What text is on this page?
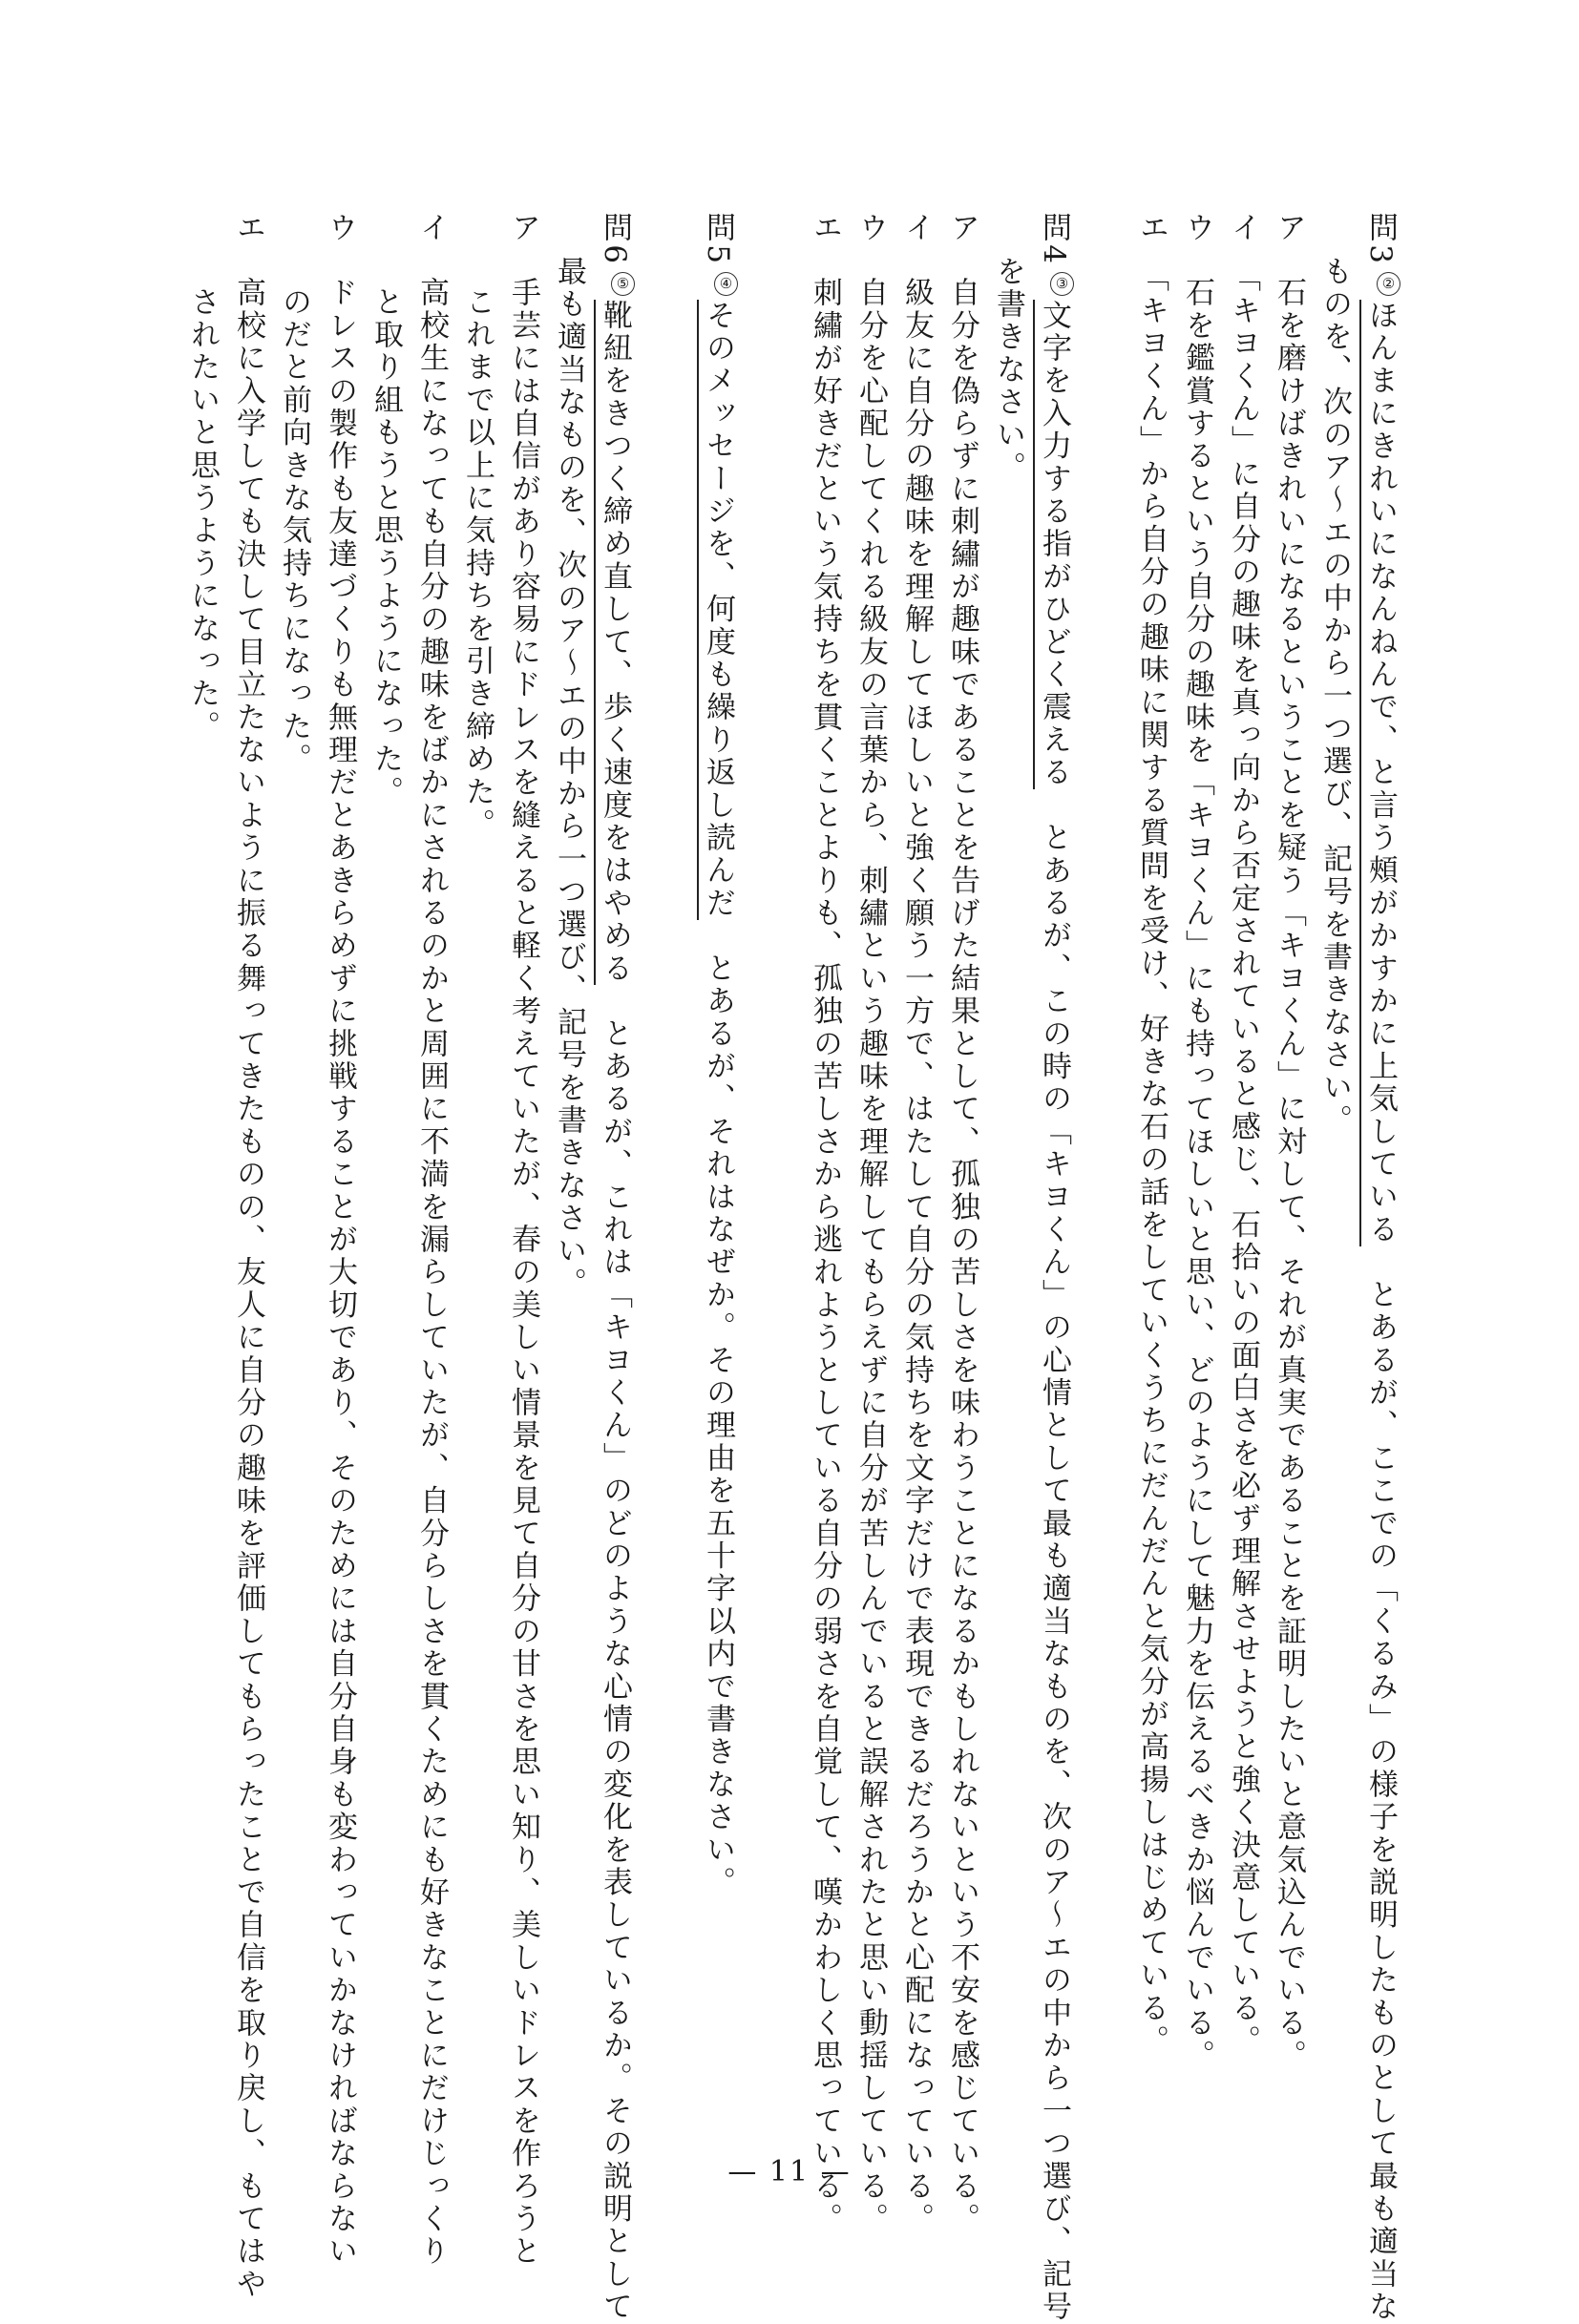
問3②ほんまにきれいになんねんで、と言う頰がかすかに上気している　とあるが、ここでの「くるみ」の様子を説明したものとして最も適当な
ものを、次のア～エの中から一つ選び、記号を書きなさい。
ア　石を磨けばきれいになるということを疑う「キヨくん」に対して、それが真実であることを証明したいと意気込んでいる。
イ　「キヨくん」に自分の趣味を真っ向から否定されていると感じ、石拾いの面白さを必ず理解させようと強く決意している。
ウ　石を鑑賞するという自分の趣味を「キヨくん」にも持ってほしいと思い、どのようにして魅力を伝えるべきか悩んでいる。
エ　「キヨくん」から自分の趣味に関する質問を受け、好きな石の話をしていくうちにだんだんと気分が高揚しはじめている。
問4③文字を入力する指がひどく震える　とあるが、この時の「キヨくん」の心情として最も適当なものを、次のア～エの中から一つ選び、記号
を書きなさい。
ア　自分を偽らずに刺繡が趣味であることを告げた結果として、孤独の苦しさを味わうことになるかもしれないという不安を感じている。
イ　級友に自分の趣味を理解してほしいと強く願う一方で、はたして自分の気持ちを文字だけで表現できるだろうかと心配になっている。
ウ　自分を心配してくれる級友の言葉から、刺繡という趣味を理解してもらえずに自分が苦しんでいると誤解されたと思い動揺している。
エ　刺繡が好きだという気持ちを貫くことよりも、孤独の苦しさから逃れようとしている自分の弱さを自覚して、嘆かわしく思っている。
問5④そのメッセージを、何度も繰り返し読んだ　とあるが、それはなぜか。その理由を五十字以内で書きなさい。
問6⑤靴紐をきつく締め直して、歩く速度をはやめる　とあるが、これは「キヨくん」のどのような心情の変化を表しているか。その説明として
最も適当なものを、次のア～エの中から一つ選び、記号を書きなさい。
ア　手芸には自信があり容易にドレスを縫えると軽く考えていたが、春の美しい情景を見て自分の甘さを思い知り、美しいドレスを作ろうと
これまで以上に気持ちを引き締めた。
イ　高校生になっても自分の趣味をばかにされるのかと周囲に不満を漏らしていたが、自分らしさを貫くためにも好きなことにだけじっくり
と取り組もうと思うようになった。
ウ　ドレスの製作も友達づくりも無理だとあきらめずに挑戦することが大切であり、そのためには自分自身も変わっていかなければならない
のだと前向きな気持ちになった。
エ　高校に入学しても決して目立たないように振る舞ってきたものの、友人に自分の趣味を評価してもらったことで自信を取り戻し、もてはや
されたいと思うようになった。
— 11 —
